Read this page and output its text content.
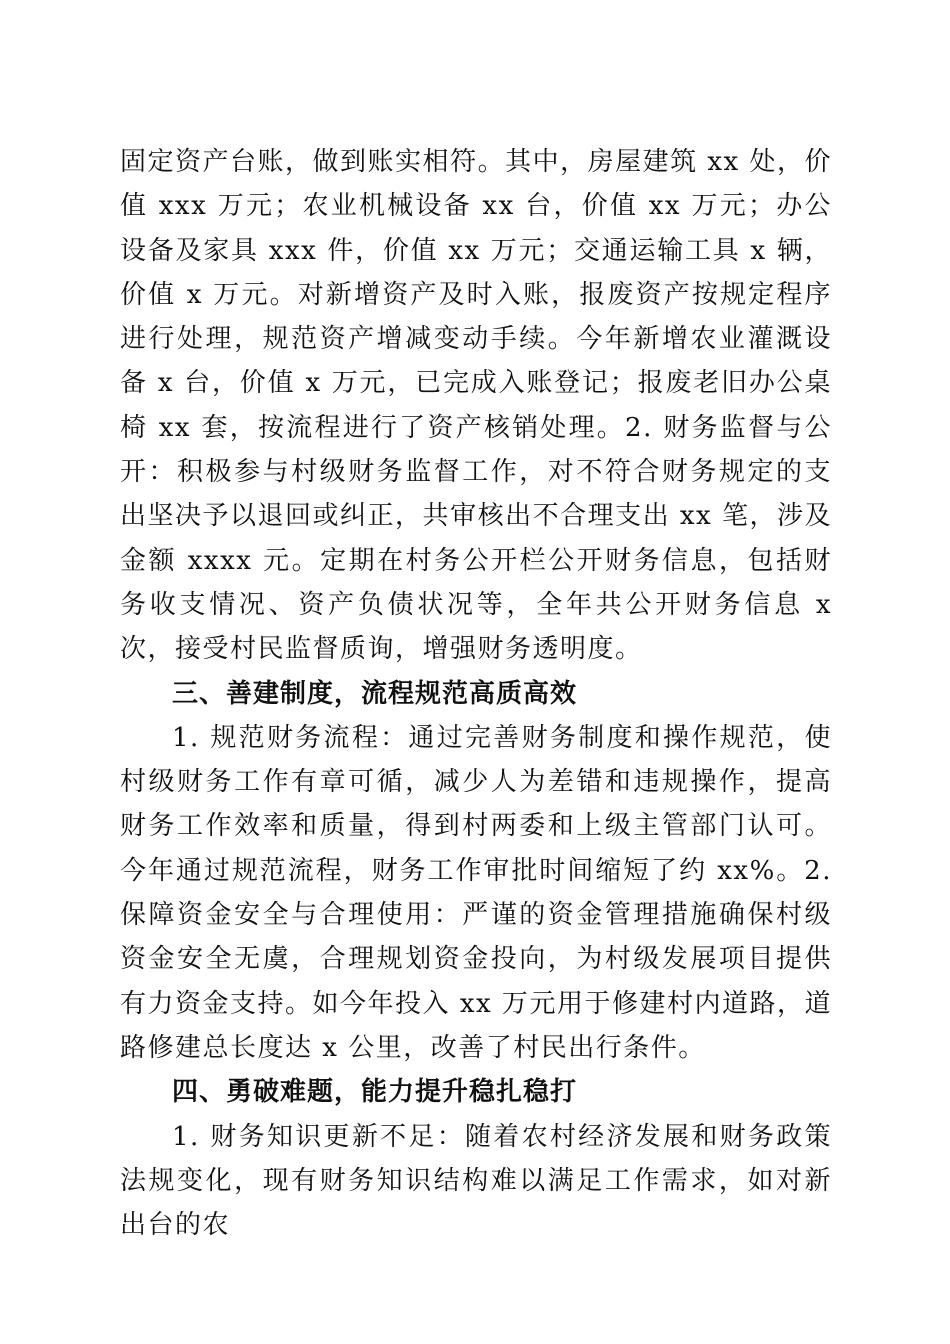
固定资产台账，做到账实相符。其中，房屋建筑 xx 处，价值 xxx 万元；农业机械设备 xx 台，价值 xx 万元；办公设备及家具 xxx 件，价值 xx 万元；交通运输工具 x 辆，价值 x 万元。对新增资产及时入账，报废资产按规定程序进行处理，规范资产增减变动手续。今年新增农业灌溉设备 x 台，价值 x 万元，已完成入账登记；报废老旧办公桌椅 xx 套，按流程进行了资产核销处理。2. 财务监督与公开：积极参与村级财务监督工作，对不符合财务规定的支出坚决予以退回或纠正，共审核出不合理支出 xx 笔，涉及金额 xxxx 元。定期在村务公开栏公开财务信息，包括财务收支情况、资产负债状况等，全年共公开财务信息 x 次，接受村民监督质询，增强财务透明度。

三、善建制度，流程规范高质高效

1. 规范财务流程：通过完善财务制度和操作规范，使村级财务工作有章可循，减少人为差错和违规操作，提高财务工作效率和质量，得到村两委和上级主管部门认可。今年通过规范流程，财务工作审批时间缩短了约 xx%。2. 保障资金安全与合理使用：严谨的资金管理措施确保村级资金安全无虞，合理规划资金投向，为村级发展项目提供有力资金支持。如今年投入 xx 万元用于修建村内道路，道路修建总长度达 x 公里，改善了村民出行条件。

四、勇破难题，能力提升稳扎稳打

1. 财务知识更新不足：随着农村经济发展和财务政策法规变化，现有财务知识结构难以满足工作需求，如对新出台的农
